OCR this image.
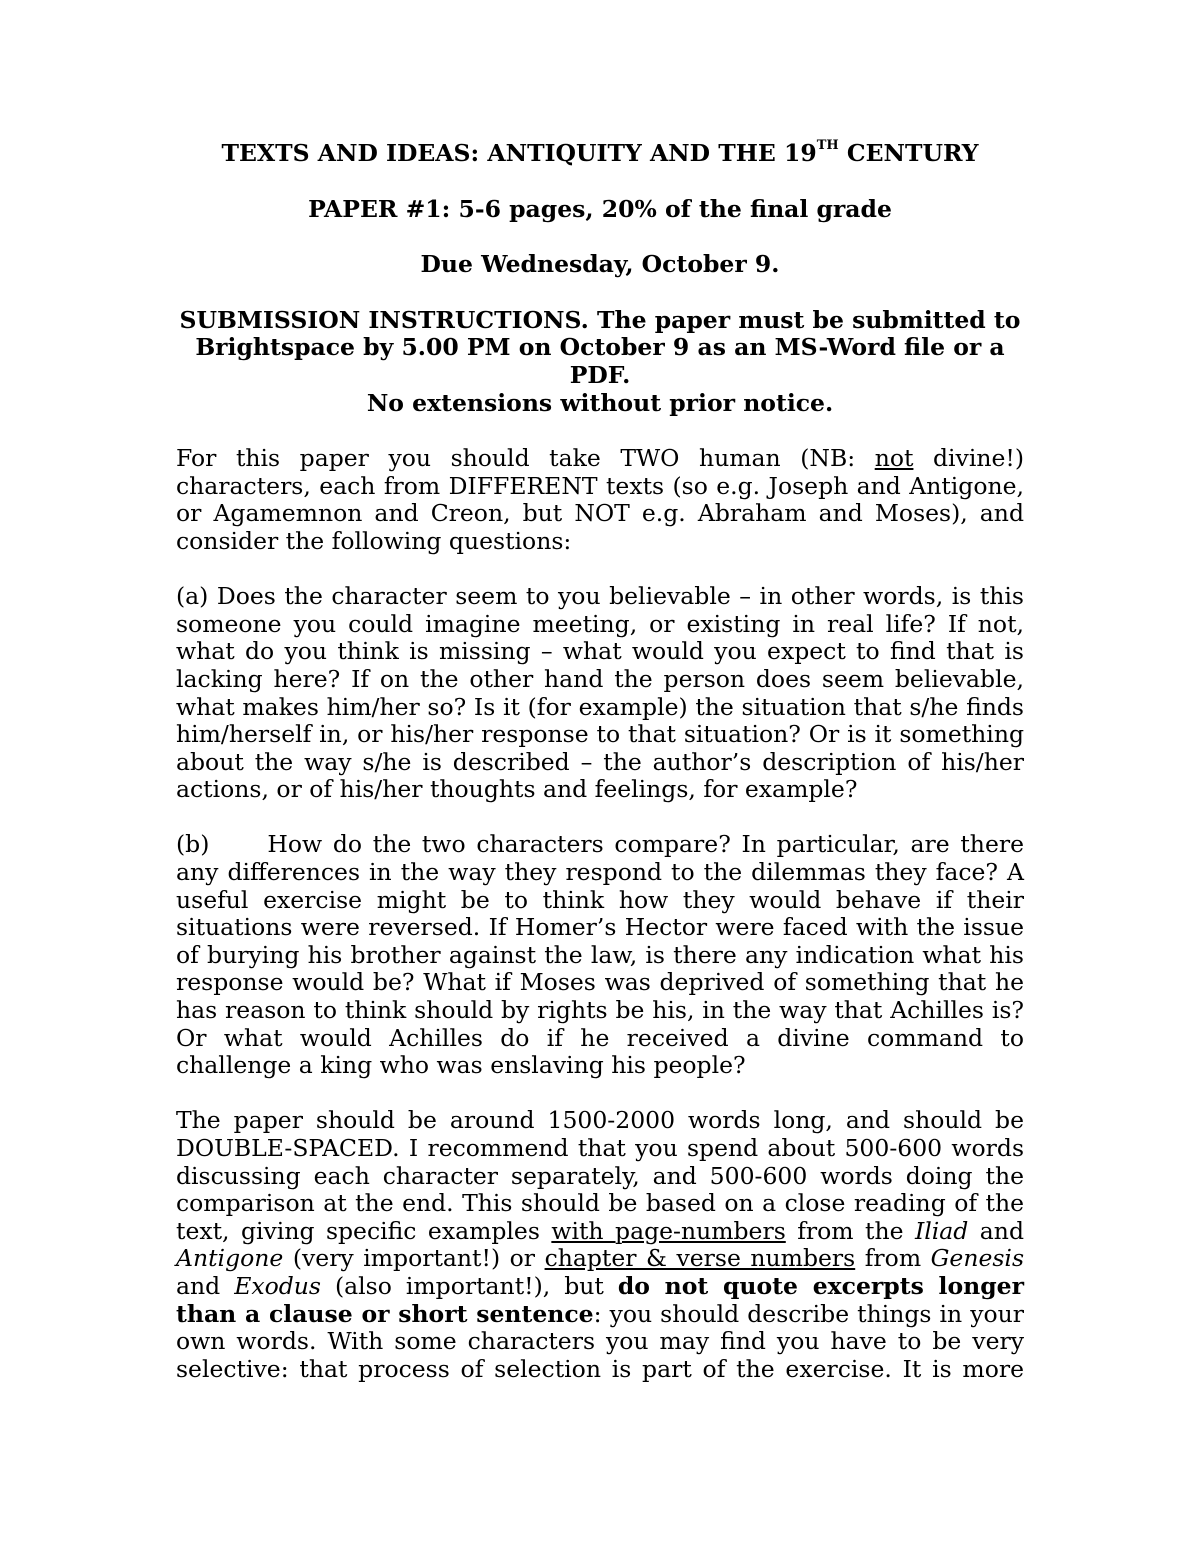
TEXTS AND IDEAS: ANTIQUITY AND THE 19TH CENTURY
PAPER #1: 5-6 pages, 20% of the final grade
Due Wednesday, October 9.
SUBMISSION INSTRUCTIONS. The paper must be submitted to Brightspace by 5.00 PM on October 9 as an MS-Word file or a PDF.
No extensions without prior notice.

For this paper you should take TWO human (NB: not divine!) characters, each from DIFFERENT texts (so e.g. Joseph and Antigone, or Agamemnon and Creon, but NOT e.g. Abraham and Moses), and consider the following questions:

(a) Does the character seem to you believable – in other words, is this someone you could imagine meeting, or existing in real life? If not, what do you think is missing – what would you expect to find that is lacking here? If on the other hand the person does seem believable, what makes him/her so? Is it (for example) the situation that s/he finds him/herself in, or his/her response to that situation? Or is it something about the way s/he is described – the author’s description of his/her actions, or of his/her thoughts and feelings, for example?

(b) How do the two characters compare? In particular, are there any differences in the way they respond to the dilemmas they face? A useful exercise might be to think how they would behave if their situations were reversed. If Homer’s Hector were faced with the issue of burying his brother against the law, is there any indication what his response would be? What if Moses was deprived of something that he has reason to think should by rights be his, in the way that Achilles is? Or what would Achilles do if he received a divine command to challenge a king who was enslaving his people?

The paper should be around 1500-2000 words long, and should be DOUBLE-SPACED. I recommend that you spend about 500-600 words discussing each character separately, and 500-600 words doing the comparison at the end. This should be based on a close reading of the text, giving specific examples with page-numbers from the Iliad and Antigone (very important!) or chapter & verse numbers from Genesis and Exodus (also important!), but do not quote excerpts longer than a clause or short sentence: you should describe things in your own words. With some characters you may find you have to be very selective: that process of selection is part of the exercise. It is more
